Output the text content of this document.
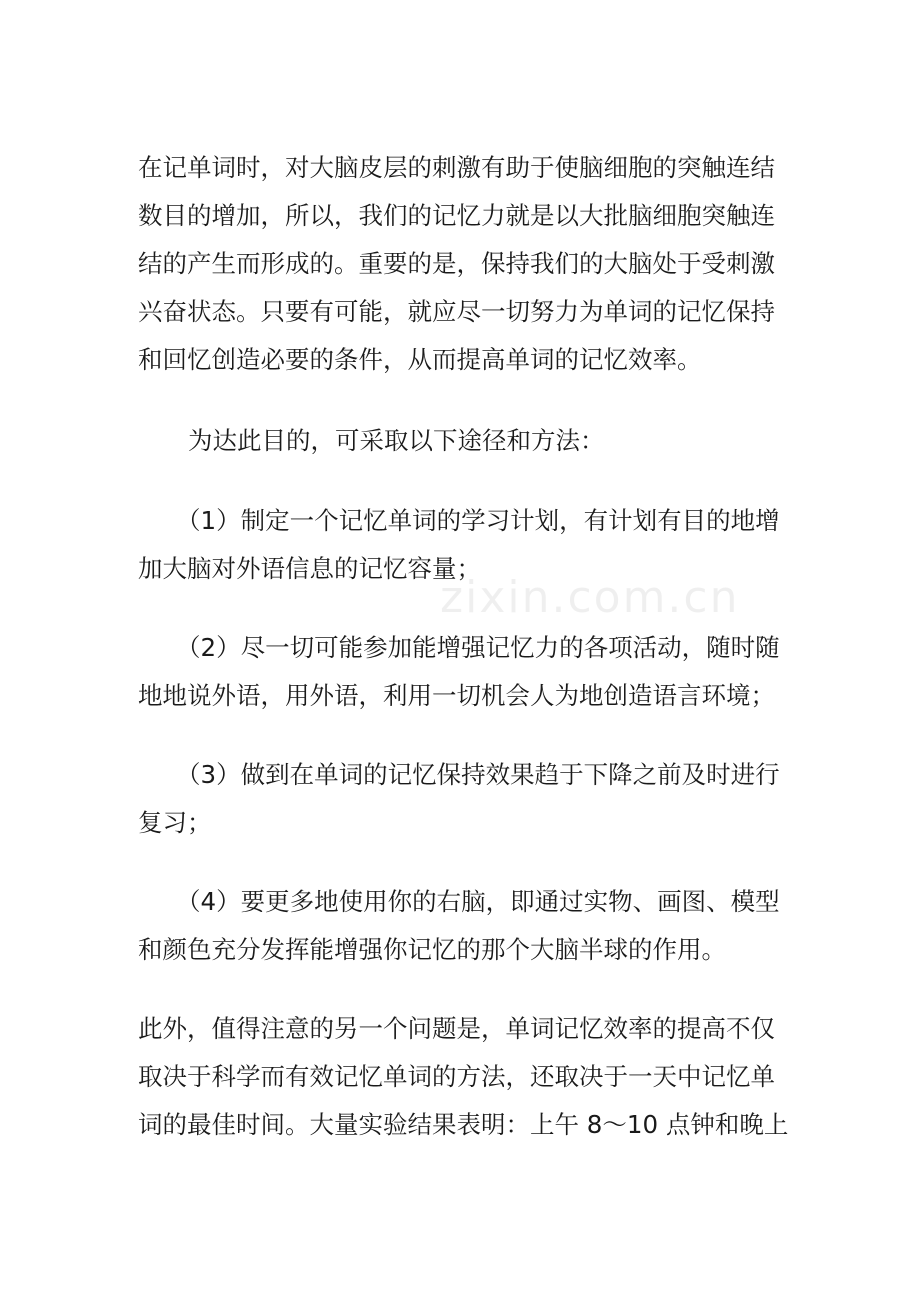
zixin.com.cn

在记单词时，对大脑皮层的刺激有助于使脑细胞的突触连结
数目的增加，所以，我们的记忆力就是以大批脑细胞突触连
结的产生而形成的。重要的是，保持我们的大脑处于受刺激
兴奋状态。只要有可能，就应尽一切努力为单词的记忆保持
和回忆创造必要的条件，从而提高单词的记忆效率。

为达此目的，可采取以下途径和方法：

（1）制定一个记忆单词的学习计划，有计划有目的地增
加大脑对外语信息的记忆容量；

（2）尽一切可能参加能增强记忆力的各项活动，随时随
地地说外语，用外语，利用一切机会人为地创造语言环境；

（3）做到在单词的记忆保持效果趋于下降之前及时进行
复习；

（4）要更多地使用你的右脑，即通过实物、画图、模型
和颜色充分发挥能增强你记忆的那个大脑半球的作用。

此外，值得注意的另一个问题是，单词记忆效率的提高不仅
取决于科学而有效记忆单词的方法，还取决于一天中记忆单
词的最佳时间。大量实验结果表明：上午 8～10 点钟和晚上
